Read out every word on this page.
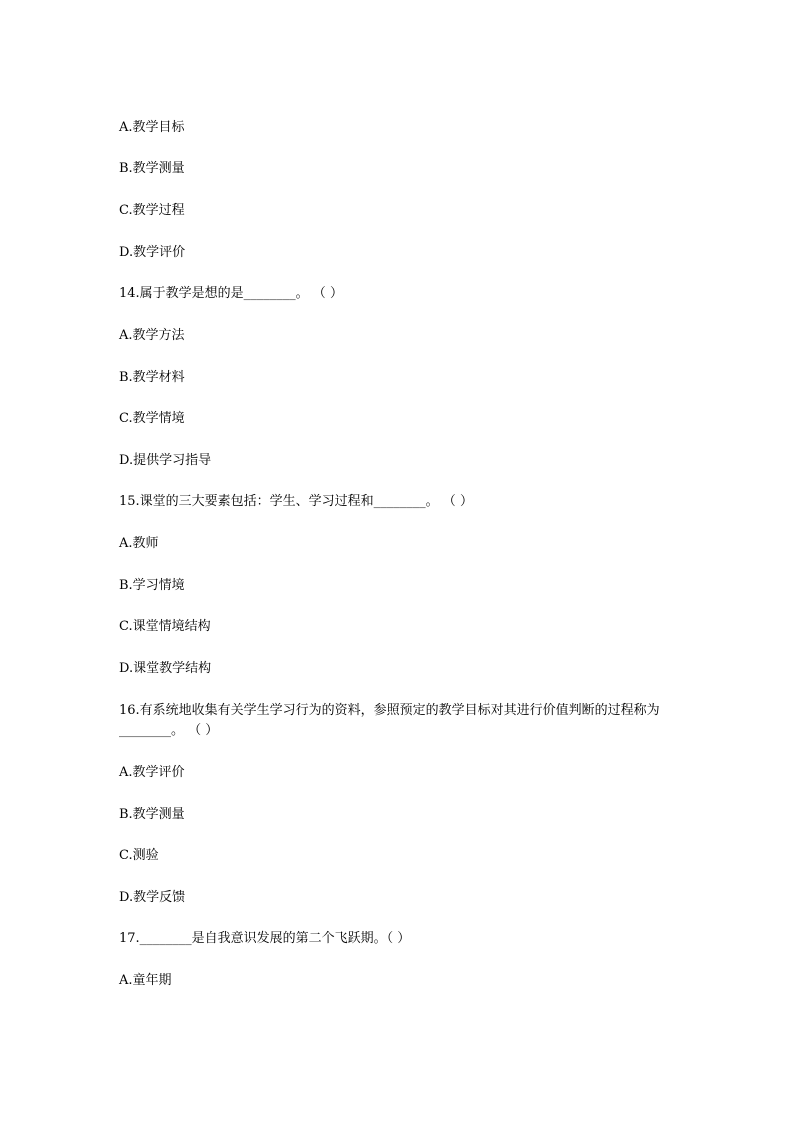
A.教学目标
B.教学测量
C.教学过程
D.教学评价
14.属于教学是想的是________。 （ ）
A.教学方法
B.教学材料
C.教学情境
D.提供学习指导
15.课堂的三大要素包括：学生、学习过程和________。 （ ）
A.教师
B.学习情境
C.课堂情境结构
D.课堂教学结构
16.有系统地收集有关学生学习行为的资料，参照预定的教学目标对其进行价值判断的过程称为________。 （ ）
A.教学评价
B.教学测量
C.测验
D.教学反馈
17.________是自我意识发展的第二个飞跃期。（ ）
A.童年期
